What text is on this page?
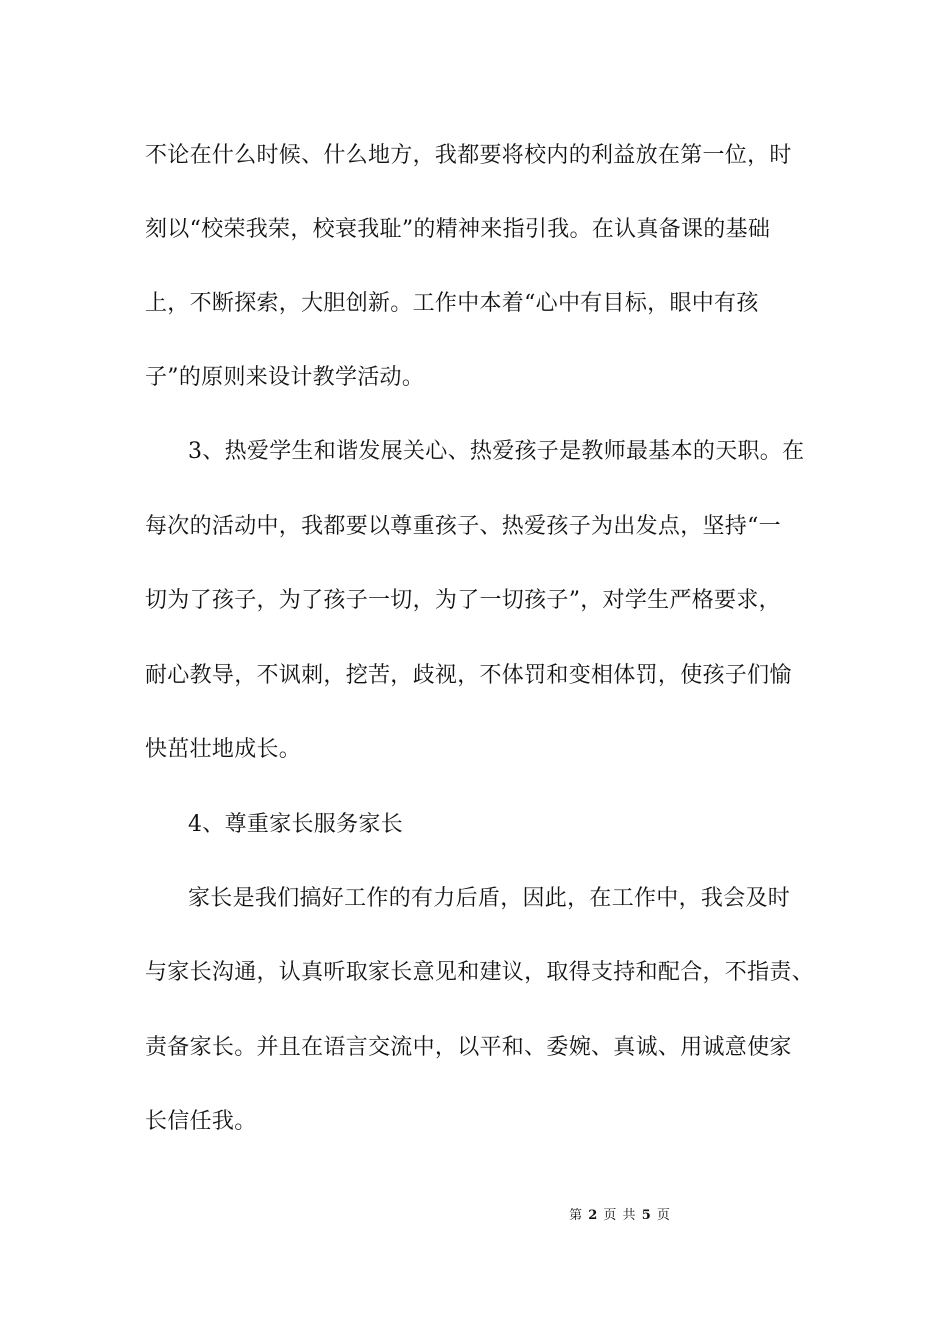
不论在什么时候、什么地方，我都要将校内的利益放在第一位，时
刻以“校荣我荣，校衰我耻”的精神来指引我。在认真备课的基础
上，不断探索，大胆创新。工作中本着“心中有目标，眼中有孩
子”的原则来设计教学活动。
3、热爱学生和谐发展关心、热爱孩子是教师最基本的天职。在
每次的活动中，我都要以尊重孩子、热爱孩子为出发点，坚持“一
切为了孩子，为了孩子一切，为了一切孩子”，对学生严格要求，
耐心教导，不讽刺，挖苦，歧视，不体罚和变相体罚，使孩子们愉
快茁壮地成长。
4、尊重家长服务家长
家长是我们搞好工作的有力后盾，因此，在工作中，我会及时
与家长沟通，认真听取家长意见和建议，取得支持和配合，不指责、
责备家长。并且在语言交流中，以平和、委婉、真诚、用诚意使家
长信任我。
第 2 页 共 5 页
